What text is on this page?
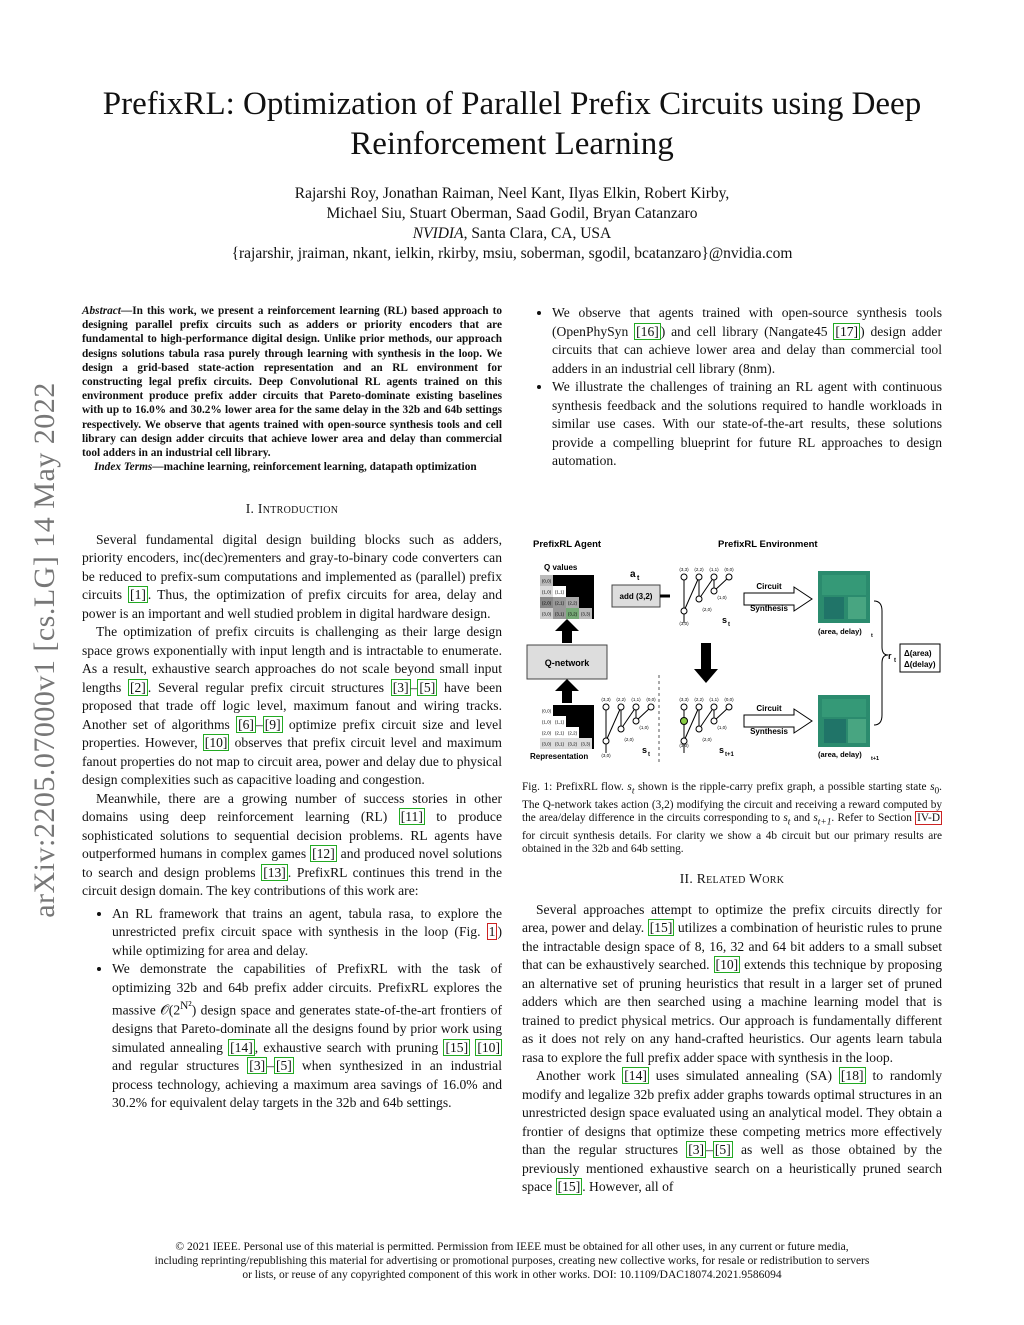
PrefixRL: Optimization of Parallel Prefix Circuits using Deep
Reinforcement Learning
Rajarshi Roy, Jonathan Raiman, Neel Kant, Ilyas Elkin, Robert Kirby,
Michael Siu, Stuart Oberman, Saad Godil, Bryan Catanzaro
NVIDIA, Santa Clara, CA, USA
{rajarshir, jraiman, nkant, ielkin, rkirby, msiu, soberman, sgodil, bcatanzaro}@nvidia.com
arXiv:2205.07000v1 [cs.LG] 14 May 2022
Abstract—In this work, we present a reinforcement learning (RL) based approach to designing parallel prefix circuits such as adders or priority encoders that are fundamental to high-performance digital design. Unlike prior methods, our approach designs solutions tabula rasa purely through learning with synthesis in the loop. We design a grid-based state-action representation and an RL environment for constructing legal prefix circuits. Deep Convolutional RL agents trained on this environment produce prefix adder circuits that Pareto-dominate existing baselines with up to 16.0% and 30.2% lower area for the same delay in the 32b and 64b settings respectively. We observe that agents trained with open-source synthesis tools and cell library can design adder circuits that achieve lower area and delay than commercial tool adders in an industrial cell library.
Index Terms—machine learning, reinforcement learning, datapath optimization
I. Introduction

Several fundamental digital design building blocks such as adders, priority encoders, inc(dec)rementers and gray-to-binary code converters can be reduced to prefix-sum computations and implemented as (parallel) prefix circuits [1] . Thus, the optimization of prefix circuits for area, delay and power is an important and well studied problem in digital hardware design.

The optimization of prefix circuits is challenging as their large design space grows exponentially with input length and is intractable to enumerate. As a result, exhaustive search approaches do not scale beyond small input lengths [2] . Several regular prefix circuit structures [3] – [5] have been proposed that trade off logic level, maximum fanout and wiring tracks. Another set of algorithms [6] – [9] optimize prefix circuit size and level properties. However, [10] observes that prefix circuit level and maximum fanout properties do not map to circuit area, power and delay due to physical design complexities such as capacitive loading and congestion.

Meanwhile, there are a growing number of success stories in other domains using deep reinforcement learning (RL) [11] to produce sophisticated solutions to sequential decision problems. RL agents have outperformed humans in complex games [12] and produced novel solutions to search and design problems [13] . PrefixRL continues this trend in the circuit design domain. The key contributions of this work are:

• An RL framework that trains an agent, tabula rasa, to explore the unrestricted prefix circuit space with synthesis in the loop (Fig. 1 ) while optimizing for area and delay.
• We demonstrate the capabilities of PrefixRL with the task of optimizing 32b and 64b prefix adder circuits. PrefixRL explores the massive $𝒪(2^{N^2})$ design space and generates state-of-the-art frontiers of designs that Pareto-dominate all the designs found by prior work using simulated annealing [14] , exhaustive search with pruning [15] [10] and regular structures [3] – [5] when synthesized in an industrial process technology, achieving a maximum area savings of 16.0% and 30.2% for equivalent delay targets in the 32b and 64b settings.
• We observe that agents trained with open-source synthesis tools (OpenPhySyn [16] ) and cell library (Nangate45 [17] ) design adder circuits that can achieve lower area and delay than commercial tool adders in an industrial cell library (8nm).
• We illustrate the challenges of training an RL agent with continuous synthesis feedback and the solutions required to handle workloads in similar use cases. With our state-of-the-art results, these solutions provide a compelling blueprint for future RL approaches to design automation.
PrefixRL Agent	PrefixRL Environment
Q values
(0,0)
(1,0) (1,1)
(2,0) (2,1) (2,2)
(3,0) (3,1) (3,2) (3,3)
Q-network
(0,0)
(1,0) (1,1)
(2,0) (2,1) (2,2)
(3,0) (3,1) (3,2) (3,3)
Representation
a t
add (3,2)
(3,3) (2,2) (1,1) (0,0)
(1,0)
(2,0)
(3,0)	s t
Circuit
Synthesis
(area, delay) t
(3,3) (2,2) (1,1) (0,0)
(1,0)
(2,0)
(3,0)
s t
(3,3) (2,2) (1,1) (0,0)
(1,0)
(2,0)
(3,0)	s t+1
Circuit
Synthesis
(area, delay) t+1
r t
Δ(area)
Δ(delay)
Fig. 1: PrefixRL flow. $s_t$ shown is the ripple-carry prefix graph, a possible starting state $s_0$. The Q-network takes action (3,2) modifying the circuit and receiving a reward computed by the area/delay difference in the circuits corresponding to $s_t$ and $s_{t+1}$. Refer to Section IV-D for circuit synthesis details. For clarity we show a 4b circuit but our primary results are obtained in the 32b and 64b setting.
II. Related Work

Several approaches attempt to optimize the prefix circuits directly for area, power and delay. [15] utilizes a combination of heuristic rules to prune the intractable design space of 8, 16, 32 and 64 bit adders to a small subset that can be exhaustively searched. [10] extends this technique by proposing an alternative set of pruning heuristics that result in a larger set of pruned adders which are then searched using a machine learning model that is trained to predict physical metrics. Our approach is fundamentally different as it does not rely on any hand-crafted heuristics. Our agents learn tabula rasa to explore the full prefix adder space with synthesis in the loop.

Another work [14] uses simulated annealing (SA) [18] to randomly modify and legalize 32b prefix adder graphs towards optimal structures in an unrestricted design space evaluated using an analytical model. They obtain a frontier of designs that optimize these competing metrics more effectively than the regular structures [3] – [5] as well as those obtained by the previously mentioned exhaustive search on a heuristically pruned search space [15] . However, all of

© 2021 IEEE. Personal use of this material is permitted. Permission from IEEE must be obtained for all other uses, in any current or future media,
including reprinting/republishing this material for advertising or promotional purposes, creating new collective works, for resale or redistribution to servers
or lists, or reuse of any copyrighted component of this work in other works. DOI: 10.1109/DAC18074.2021.9586094
